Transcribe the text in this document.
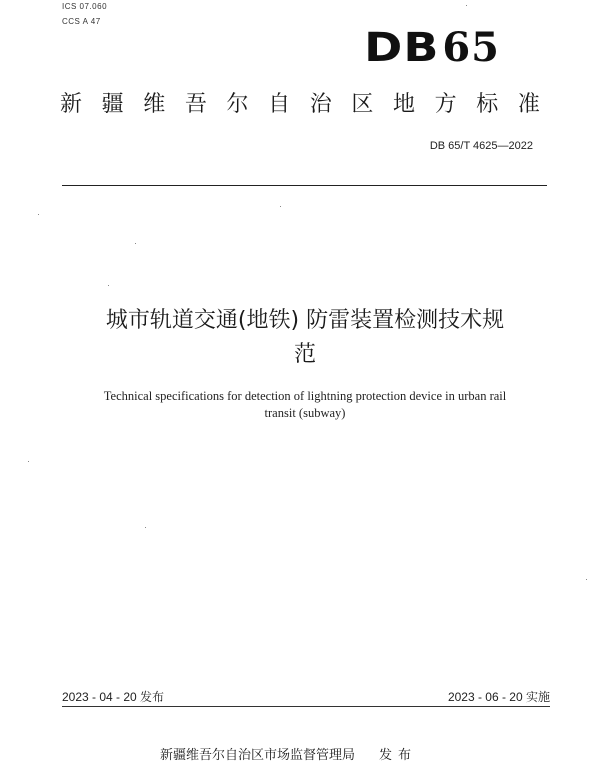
ICS 07.060
CCS A 47
DB65
新 疆 维 吾 尔 自 治 区 地 方 标 准
DB 65/T 4625—2022
城市轨道交通(地铁) 防雷装置检测技术规
范
Technical specifications for detection of lightning protection device in urban rail
transit (subway)
2023 - 04 - 20 发布	2023 - 06 - 20 实施
新疆维吾尔自治区市场监督管理局 发布
